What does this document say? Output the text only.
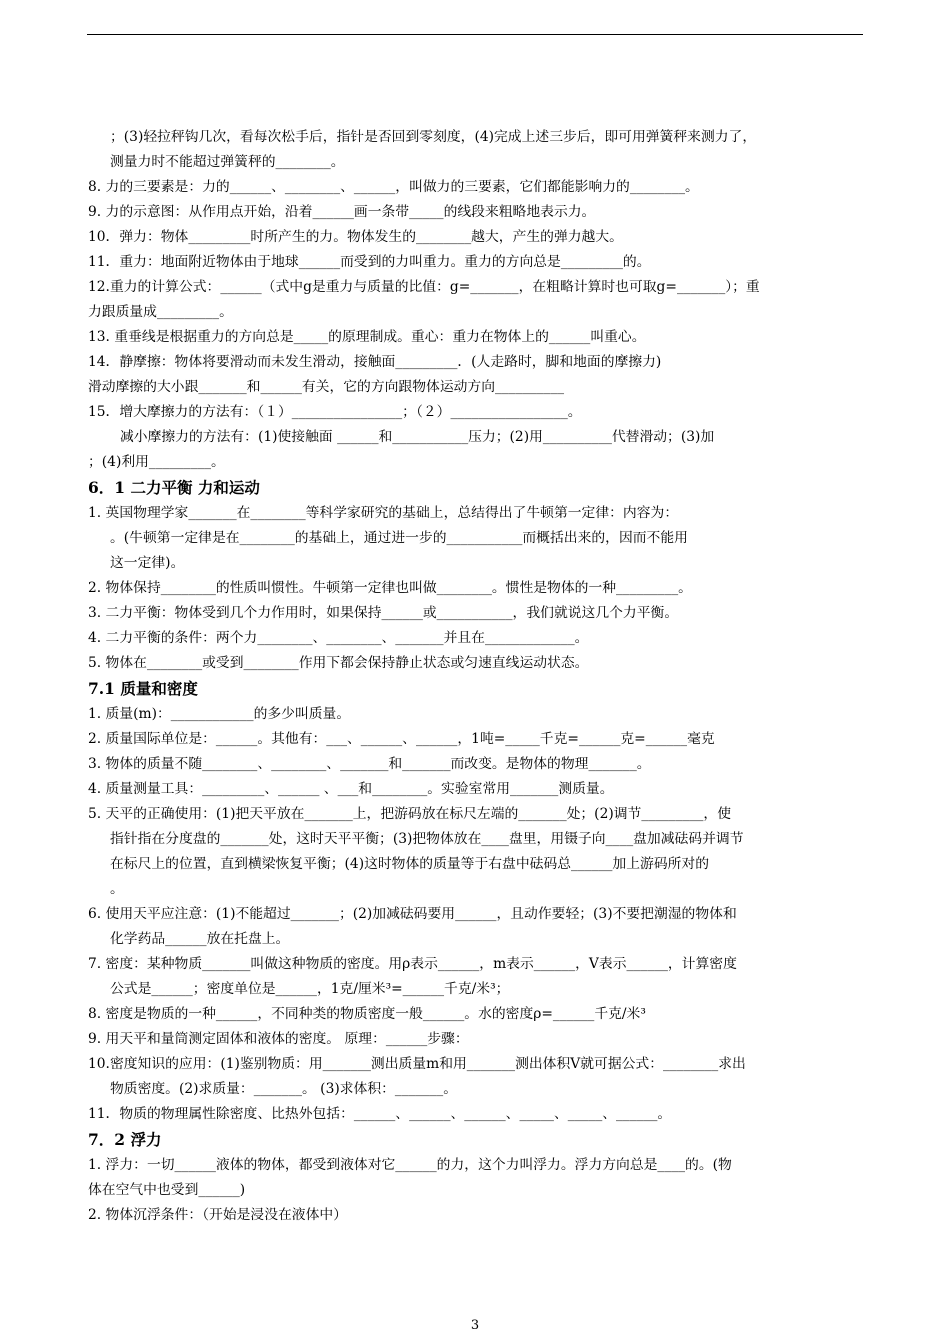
；(3)轻拉秤钩几次，看每次松手后，指针是否回到零刻度，(4)完成上述三步后，即可用弹簧秤来测力了，
测量力时不能超过弹簧秤的________。
8. 力的三要素是：力的______、________、______，叫做力的三要素，它们都能影响力的________。
9. 力的示意图：从作用点开始，沿着______画一条带_____的线段来粗略地表示力。
10．弹力：物体_________时所产生的力。物体发生的________越大，产生的弹力越大。
11．重力：地面附近物体由于地球______而受到的力叫重力。重力的方向总是_________的。
12.重力的计算公式：______（式中g是重力与质量的比值：g=_______，在粗略计算时也可取g=_______）；重
力跟质量成_________。
13. 重垂线是根据重力的方向总是_____的原理制成。重心：重力在物体上的______叫重心。
14．静摩擦：物体将要滑动而未发生滑动，接触面_________．(人走路时，脚和地面的摩擦力)
滑动摩擦的大小跟_______和______有关，它的方向跟物体运动方向__________
15．增大摩擦力的方法有：（１）________________；（２）_________________。
减小摩擦力的方法有：(1)使接触面 ______和___________压力；(2)用__________代替滑动；(3)加
；(4)利用_________。
6．1 二力平衡 力和运动
1. 英国物理学家_______在________等科学家研究的基础上，总结得出了牛顿第一定律：内容为：
。(牛顿第一定律是在________的基础上，通过进一步的___________而概括出来的，因而不能用
这一定律)。
2. 物体保持________的性质叫惯性。牛顿第一定律也叫做________。惯性是物体的一种_________。
3. 二力平衡：物体受到几个力作用时，如果保持______或___________，我们就说这几个力平衡。
4. 二力平衡的条件：两个力________、________、_______并且在_____________。
5. 物体在________或受到________作用下都会保持静止状态或匀速直线运动状态。
7.1 质量和密度
1. 质量(m)：____________的多少叫质量。
2. 质量国际单位是：______。其他有：___、______、______，1吨=_____千克=______克=______毫克
3. 物体的质量不随________、________、_______和_______而改变。是物体的物理_______。
4. 质量测量工具：_________、______ 、___和________。实验室常用_______测质量。
5. 天平的正确使用：(1)把天平放在_______上，把游码放在标尺左端的_______处；(2)调节_________，使
指针指在分度盘的_______处，这时天平平衡；(3)把物体放在____盘里，用镊子向____盘加减砝码并调节
在标尺上的位置，直到横梁恢复平衡；(4)这时物体的质量等于右盘中砝码总______加上游码所对的
。
6. 使用天平应注意：(1)不能超过_______；(2)加减砝码要用______，且动作要轻；(3)不要把潮湿的物体和
化学药品______放在托盘上。
7. 密度：某种物质_______叫做这种物质的密度。用ρ表示______，m表示______，V表示______，计算密度
公式是______；密度单位是______，1克/厘米³=______千克/米³；
8. 密度是物质的一种______，不同种类的物质密度一般______。水的密度ρ=______千克/米³
9. 用天平和量筒测定固体和液体的密度。 原理：______步骤：
10.密度知识的应用：(1)鉴别物质：用_______测出质量m和用_______测出体积V就可据公式：________求出
物质密度。(2)求质量：_______。 (3)求体积：_______。
11．物质的物理属性除密度、比热外包括：______、______、______、_____、_____、______。
7．2 浮力
1. 浮力：一切______液体的物体，都受到液体对它______的力，这个力叫浮力。浮力方向总是____的。(物
体在空气中也受到______)
2. 物体沉浮条件：（开始是浸没在液体中）
3
